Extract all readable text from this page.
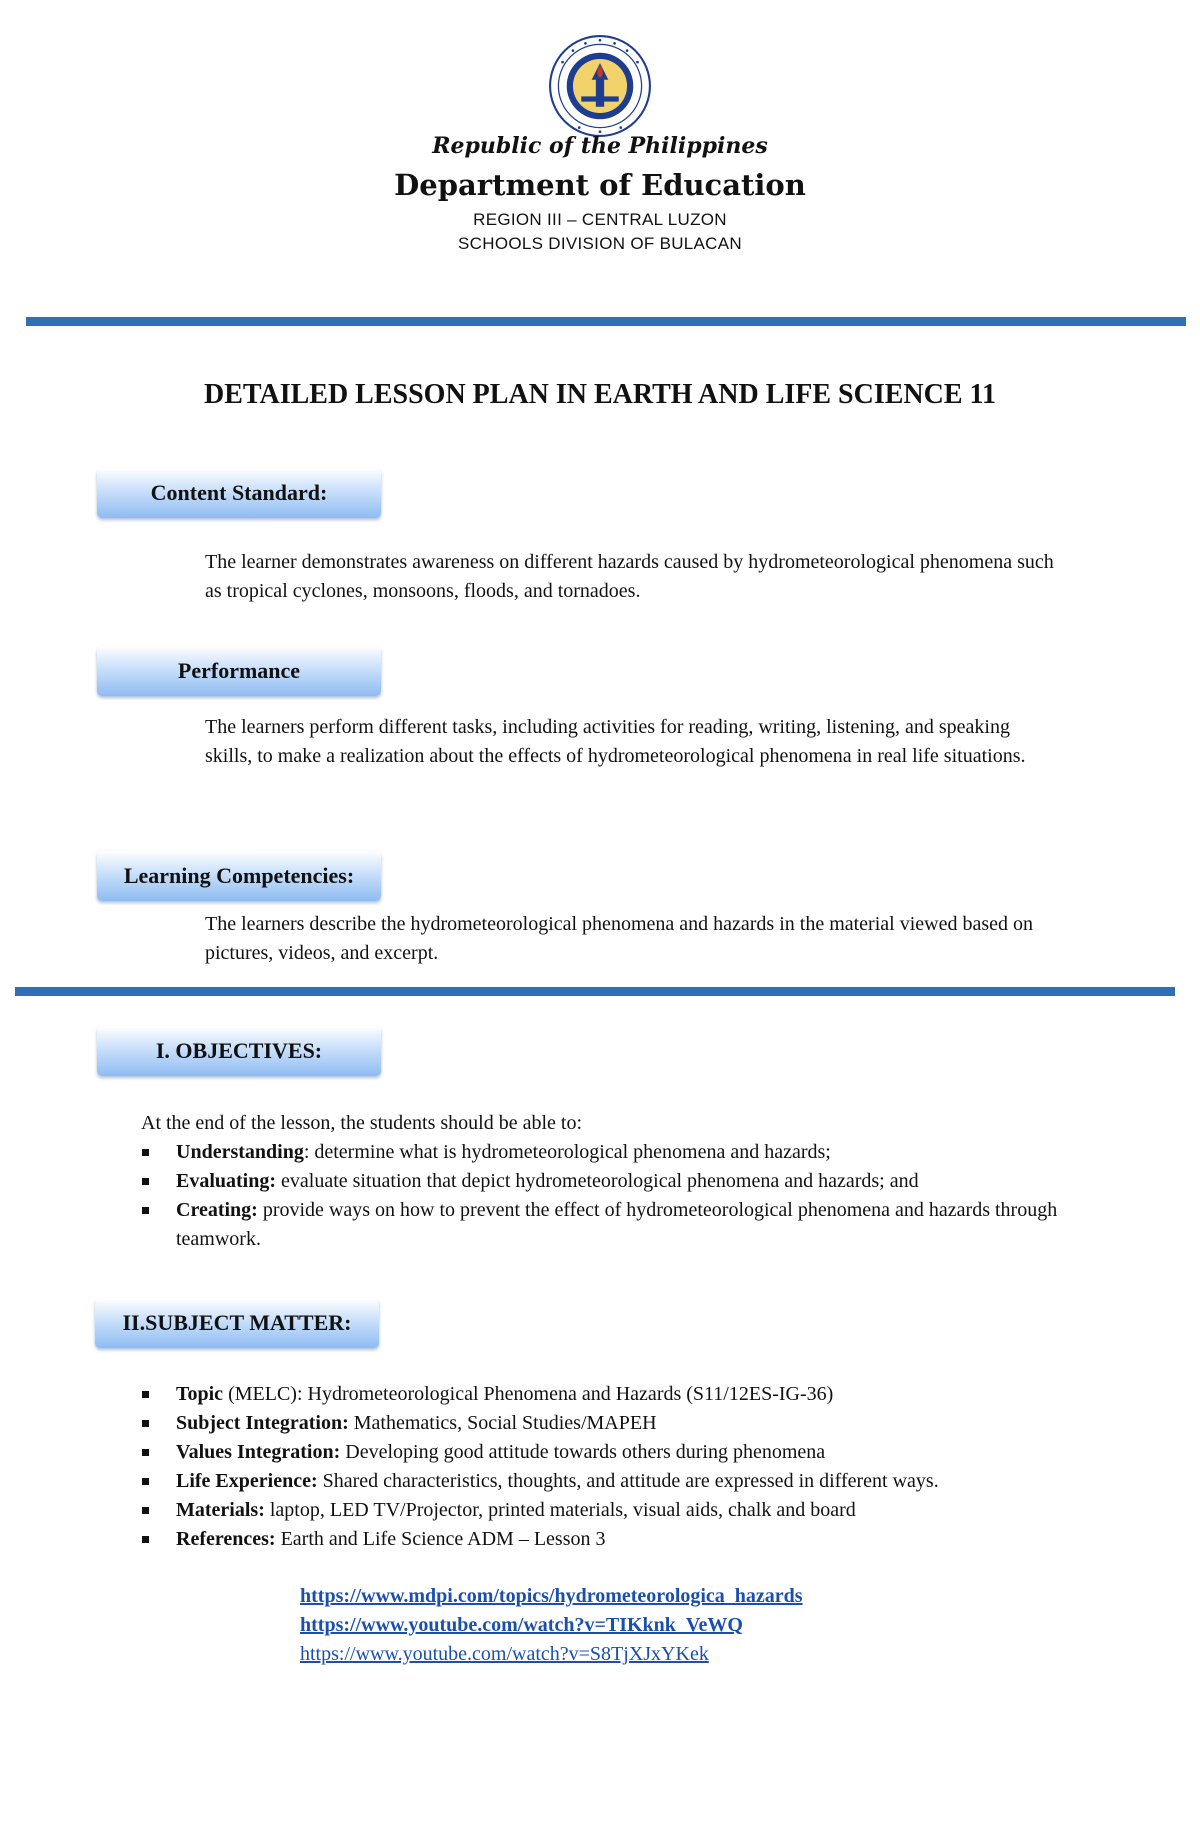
Republic of the Philippines
Department of Education
REGION III – CENTRAL LUZON
SCHOOLS DIVISION OF BULACAN
DETAILED LESSON PLAN IN EARTH AND LIFE SCIENCE 11
Content Standard:
The learner demonstrates awareness on different hazards caused by hydrometeorological phenomena such as tropical cyclones, monsoons, floods, and tornadoes.
Performance
The learners perform different tasks, including activities for reading, writing, listening, and speaking skills, to make a realization about the effects of hydrometeorological phenomena in real life situations.
Learning Competencies:
The learners describe the hydrometeorological phenomena and hazards in the material viewed based on pictures, videos, and excerpt.
I. OBJECTIVES:
At the end of the lesson, the students should be able to:
Understanding: determine what is hydrometeorological phenomena and hazards;
Evaluating: evaluate situation that depict hydrometeorological phenomena and hazards; and
Creating: provide ways on how to prevent the effect of hydrometeorological phenomena and hazards through teamwork.
II.SUBJECT MATTER:
Topic (MELC): Hydrometeorological Phenomena and Hazards (S11/12ES-IG-36)
Subject Integration: Mathematics, Social Studies/MAPEH
Values Integration: Developing good attitude towards others during phenomena
Life Experience: Shared characteristics, thoughts, and attitude are expressed in different ways.
Materials: laptop, LED TV/Projector, printed materials, visual aids, chalk and board
References: Earth and Life Science ADM – Lesson 3
https://www.mdpi.com/topics/hydrometeorologica_hazards
https://www.youtube.com/watch?v=TIKknk_VeWQ
https://www.youtube.com/watch?v=S8TjXJxYKek
